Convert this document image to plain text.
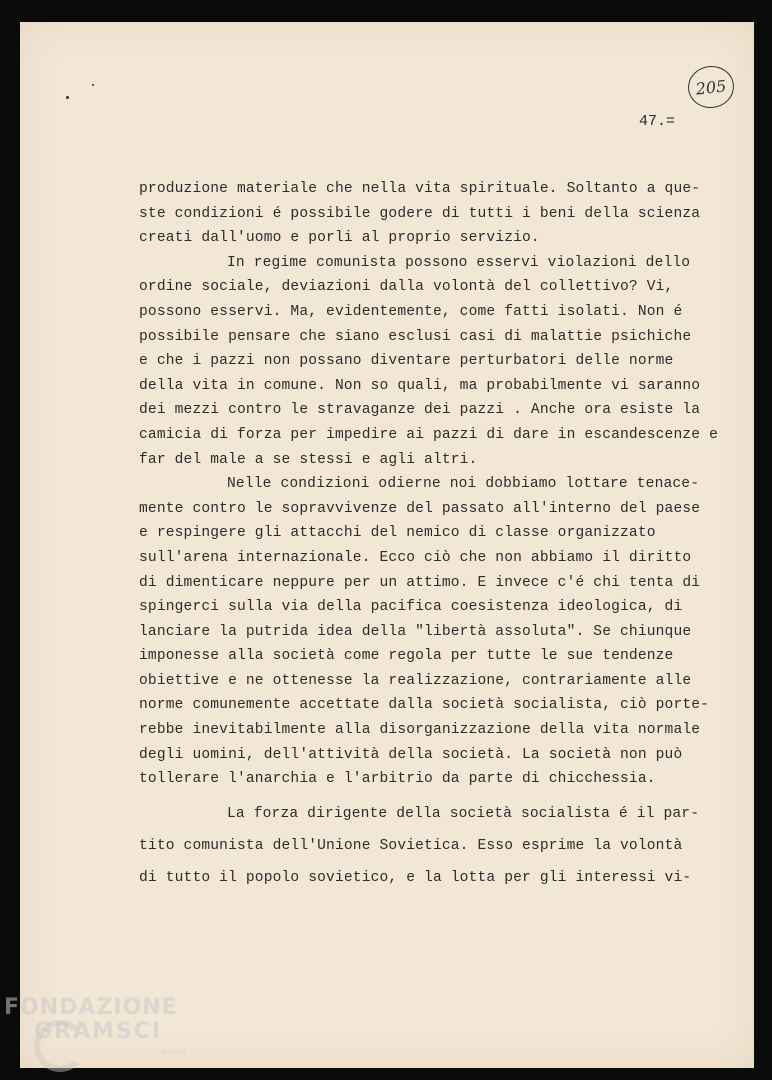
205
47.=
produzione materiale che nella vita spirituale. Soltanto a que-
ste condizioni é possibile godere di tutti i beni della scienza
creati dall'uomo e porli al proprio servizio.
In regime comunista possono esservi violazioni dello
ordine sociale, deviazioni dalla volontà del collettivo? Vi,
possono esservi. Ma, evidentemente, come fatti isolati. Non é
possibile pensare che siano esclusi casi di malattie psichiche
e che i pazzi non possano diventare perturbatori delle norme
della vita in comune. Non so quali, ma probabilmente vi saranno
dei mezzi contro le stravaganze dei pazzi . Anche ora esiste la
camicia di forza per impedire ai pazzi di dare in escandescenze e
far del male a se stessi e agli altri.
Nelle condizioni odierne noi dobbiamo lottare tenace-
mente contro le sopravvivenze del passato all'interno del paese
e respingere gli attacchi del nemico di classe organizzato
sull'arena internazionale. Ecco ciò che non abbiamo il diritto
di dimenticare neppure per un attimo. E invece c'é chi tenta di
spingerci sulla via della pacifica coesistenza ideologica, di
lanciare la putrida idea della "libertà assoluta". Se chiunque
imponesse alla società come regola per tutte le sue tendenze
obiettive e ne ottenesse la realizzazione, contrariamente alle
norme comunemente accettate dalla società socialista, ciò porte-
rebbe inevitabilmente alla disorganizzazione della vita normale
degli uomini, dell'attività della società. La società non può
tollerare l'anarchia e l'arbitrio da parte di chicchessia.
La forza dirigente della società socialista é il par-
tito comunista dell'Unione Sovietica. Esso esprime la volontà
di tutto il popolo sovietico, e la lotta per gli interessi vi-
FONDAZIONE
GRAMSCI
onlus
